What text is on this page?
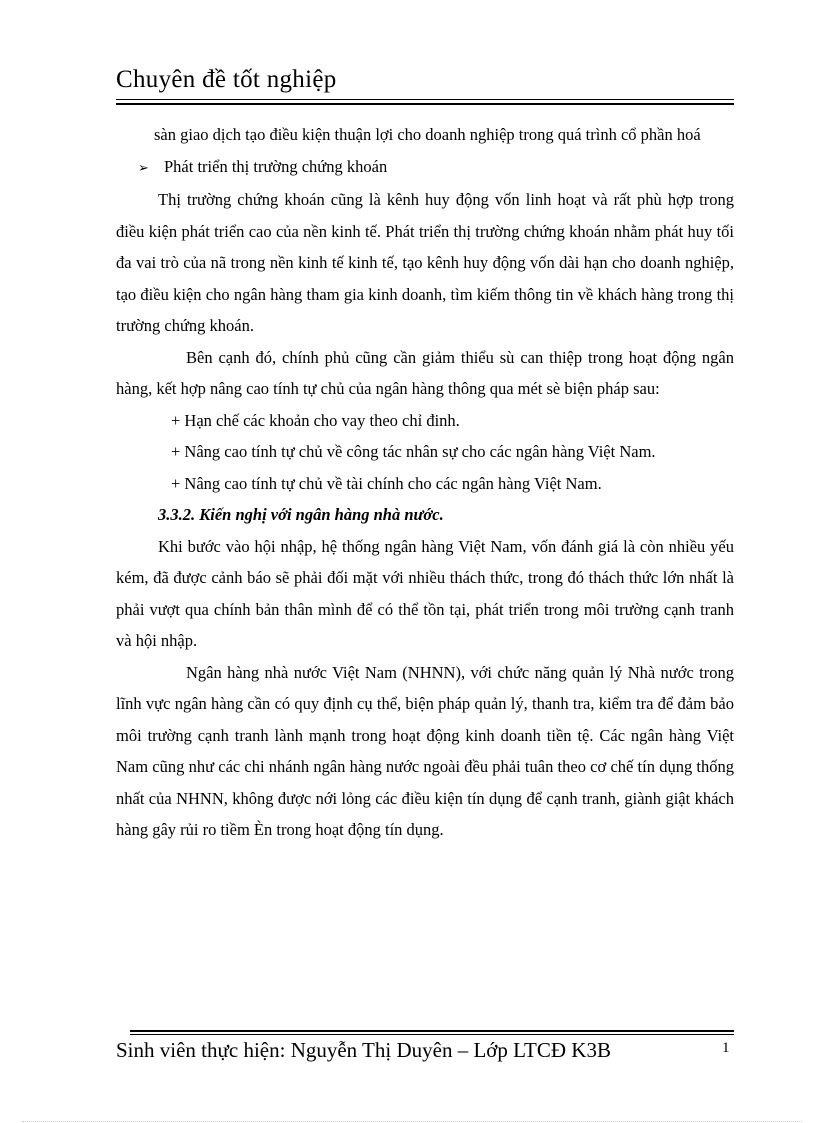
Chuyên đề tốt nghiệp

sàn giao dịch tạo điều kiện thuận lợi cho doanh nghiệp trong quá trình cổ phần hoá

➢ Phát triển thị trường chứng khoán

Thị trường chứng khoán cũng là kênh huy động vốn linh hoạt và rất phù hợp trong điều kiện phát triển cao của nền kinh tế. Phát triển thị trường chứng khoán nhằm phát huy tối đa vai trò của nã trong nền kinh tế kinh tế, tạo kênh huy động vốn dài hạn cho doanh nghiệp, tạo điều kiện cho ngân hàng tham gia kinh doanh, tìm kiếm thông tin về khách hàng trong thị trường chứng khoán.

Bên cạnh đó, chính phủ cũng cần giảm thiểu sù can thiệp trong hoạt động ngân hàng, kết hợp nâng cao tính tự chủ của ngân hàng thông qua mét sè biện pháp sau:

+ Hạn chế các khoản cho vay theo chỉ đinh.

+ Nâng cao tính tự chủ về công tác nhân sự cho các ngân hàng Việt Nam.

+ Nâng cao tính tự chủ về tài chính cho các ngân hàng Việt Nam.

3.3.2. Kiến nghị với ngân hàng nhà nước.

Khi bước vào hội nhập, hệ thống ngân hàng Việt Nam, vốn đánh giá là còn nhiều yếu kém, đã được cảnh báo sẽ phải đối mặt với nhiều thách thức, trong đó thách thức lớn nhất là phải vượt qua chính bản thân mình để có thể tồn tại, phát triển trong môi trường cạnh tranh và hội nhập.

Ngân hàng nhà nước Việt Nam (NHNN), với chức năng quản lý Nhà nước trong lĩnh vực ngân hàng cần có quy định cụ thể, biện pháp quản lý, thanh tra, kiểm tra để đảm bảo môi trường cạnh tranh lành mạnh trong hoạt động kinh doanh tiền tệ. Các ngân hàng Việt Nam cũng như các chi nhánh ngân hàng nước ngoài đều phải tuân theo cơ chế tín dụng thống nhất của NHNN, không được nới lỏng các điều kiện tín dụng để cạnh tranh, giành giật khách hàng gây rủi ro tiềm Èn trong hoạt động tín dụng.

Sinh viên thực hiện: Nguyễn Thị Duyên – Lớp LTCĐ K3B	1
